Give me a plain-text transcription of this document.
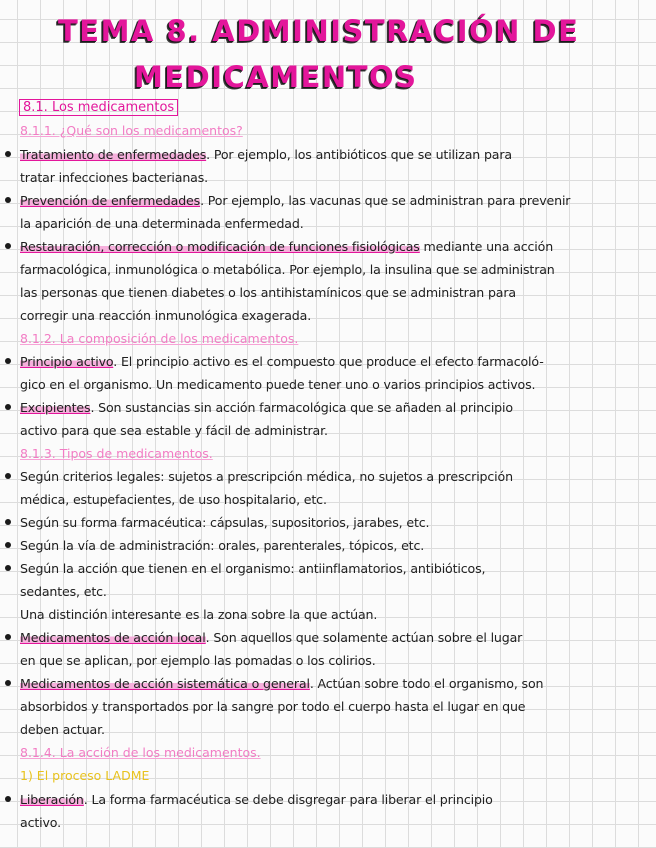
TEMA 8. ADMINISTRACIÓN DE
MEDICAMENTOS
8.1. Los medicamentos
8.1.1. ¿Qué son los medicamentos?
Tratamiento de enfermedades. Por ejemplo, los antibióticos que se utilizan para
tratar infecciones bacterianas.
Prevención de enfermedades. Por ejemplo, las vacunas que se administran para prevenir
la aparición de una determinada enfermedad.
Restauración, corrección o modificación de funciones fisiológicas mediante una acción
farmacológica, inmunológica o metabólica. Por ejemplo, la insulina que se administran
las personas que tienen diabetes o los antihistamínicos que se administran para
corregir una reacción inmunológica exagerada.
8.1.2. La composición de los medicamentos.
Principio activo. El principio activo es el compuesto que produce el efecto farmacoló-
gico en el organismo. Un medicamento puede tener uno o varios principios activos.
Excipientes. Son sustancias sin acción farmacológica que se añaden al principio
activo para que sea estable y fácil de administrar.
8.1.3. Tipos de medicamentos.
Según criterios legales: sujetos a prescripción médica, no sujetos a prescripción
médica, estupefacientes, de uso hospitalario, etc.
Según su forma farmacéutica: cápsulas, supositorios, jarabes, etc.
Según la vía de administración: orales, parenterales, tópicos, etc.
Según la acción que tienen en el organismo: antiinflamatorios, antibióticos,
sedantes, etc.
Una distinción interesante es la zona sobre la que actúan.
Medicamentos de acción local. Son aquellos que solamente actúan sobre el lugar
en que se aplican, por ejemplo las pomadas o los colirios.
Medicamentos de acción sistemática o general. Actúan sobre todo el organismo, son
absorbidos y transportados por la sangre por todo el cuerpo hasta el lugar en que
deben actuar.
8.1.4. La acción de los medicamentos.
1) El proceso LADME
Liberación. La forma farmacéutica se debe disgregar para liberar el principio
activo.
